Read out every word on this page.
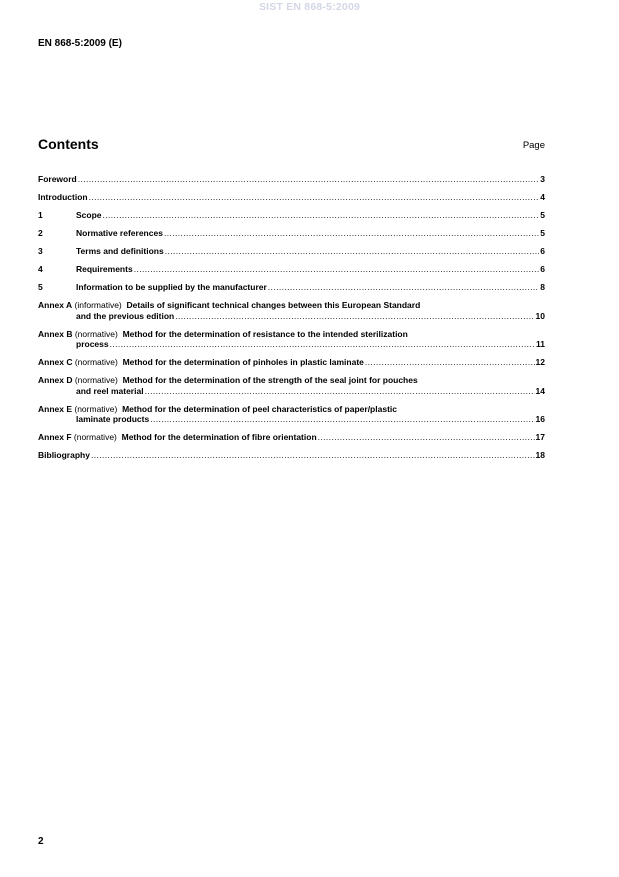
SIST EN 868-5:2009
EN 868-5:2009 (E)
Contents	Page
Foreword .....	3
Introduction .....	4
1	Scope .....	5
2	Normative references .....	5
3	Terms and definitions .....	6
4	Requirements .....	6
5	Information to be supplied by the manufacturer .....	8
Annex A (informative) Details of significant technical changes between this European Standard
and the previous edition .....	10
Annex B (normative) Method for the determination of resistance to the intended sterilization
process .....	11
Annex C (normative) Method for the determination of pinholes in plastic laminate .....	12
Annex D (normative) Method for the determination of the strength of the seal joint for pouches
and reel material .....	14
Annex E (normative) Method for the determination of peel characteristics of paper/plastic
laminate products .....	16
Annex F (normative) Method for the determination of fibre orientation .....	17
Bibliography .....	18
2
